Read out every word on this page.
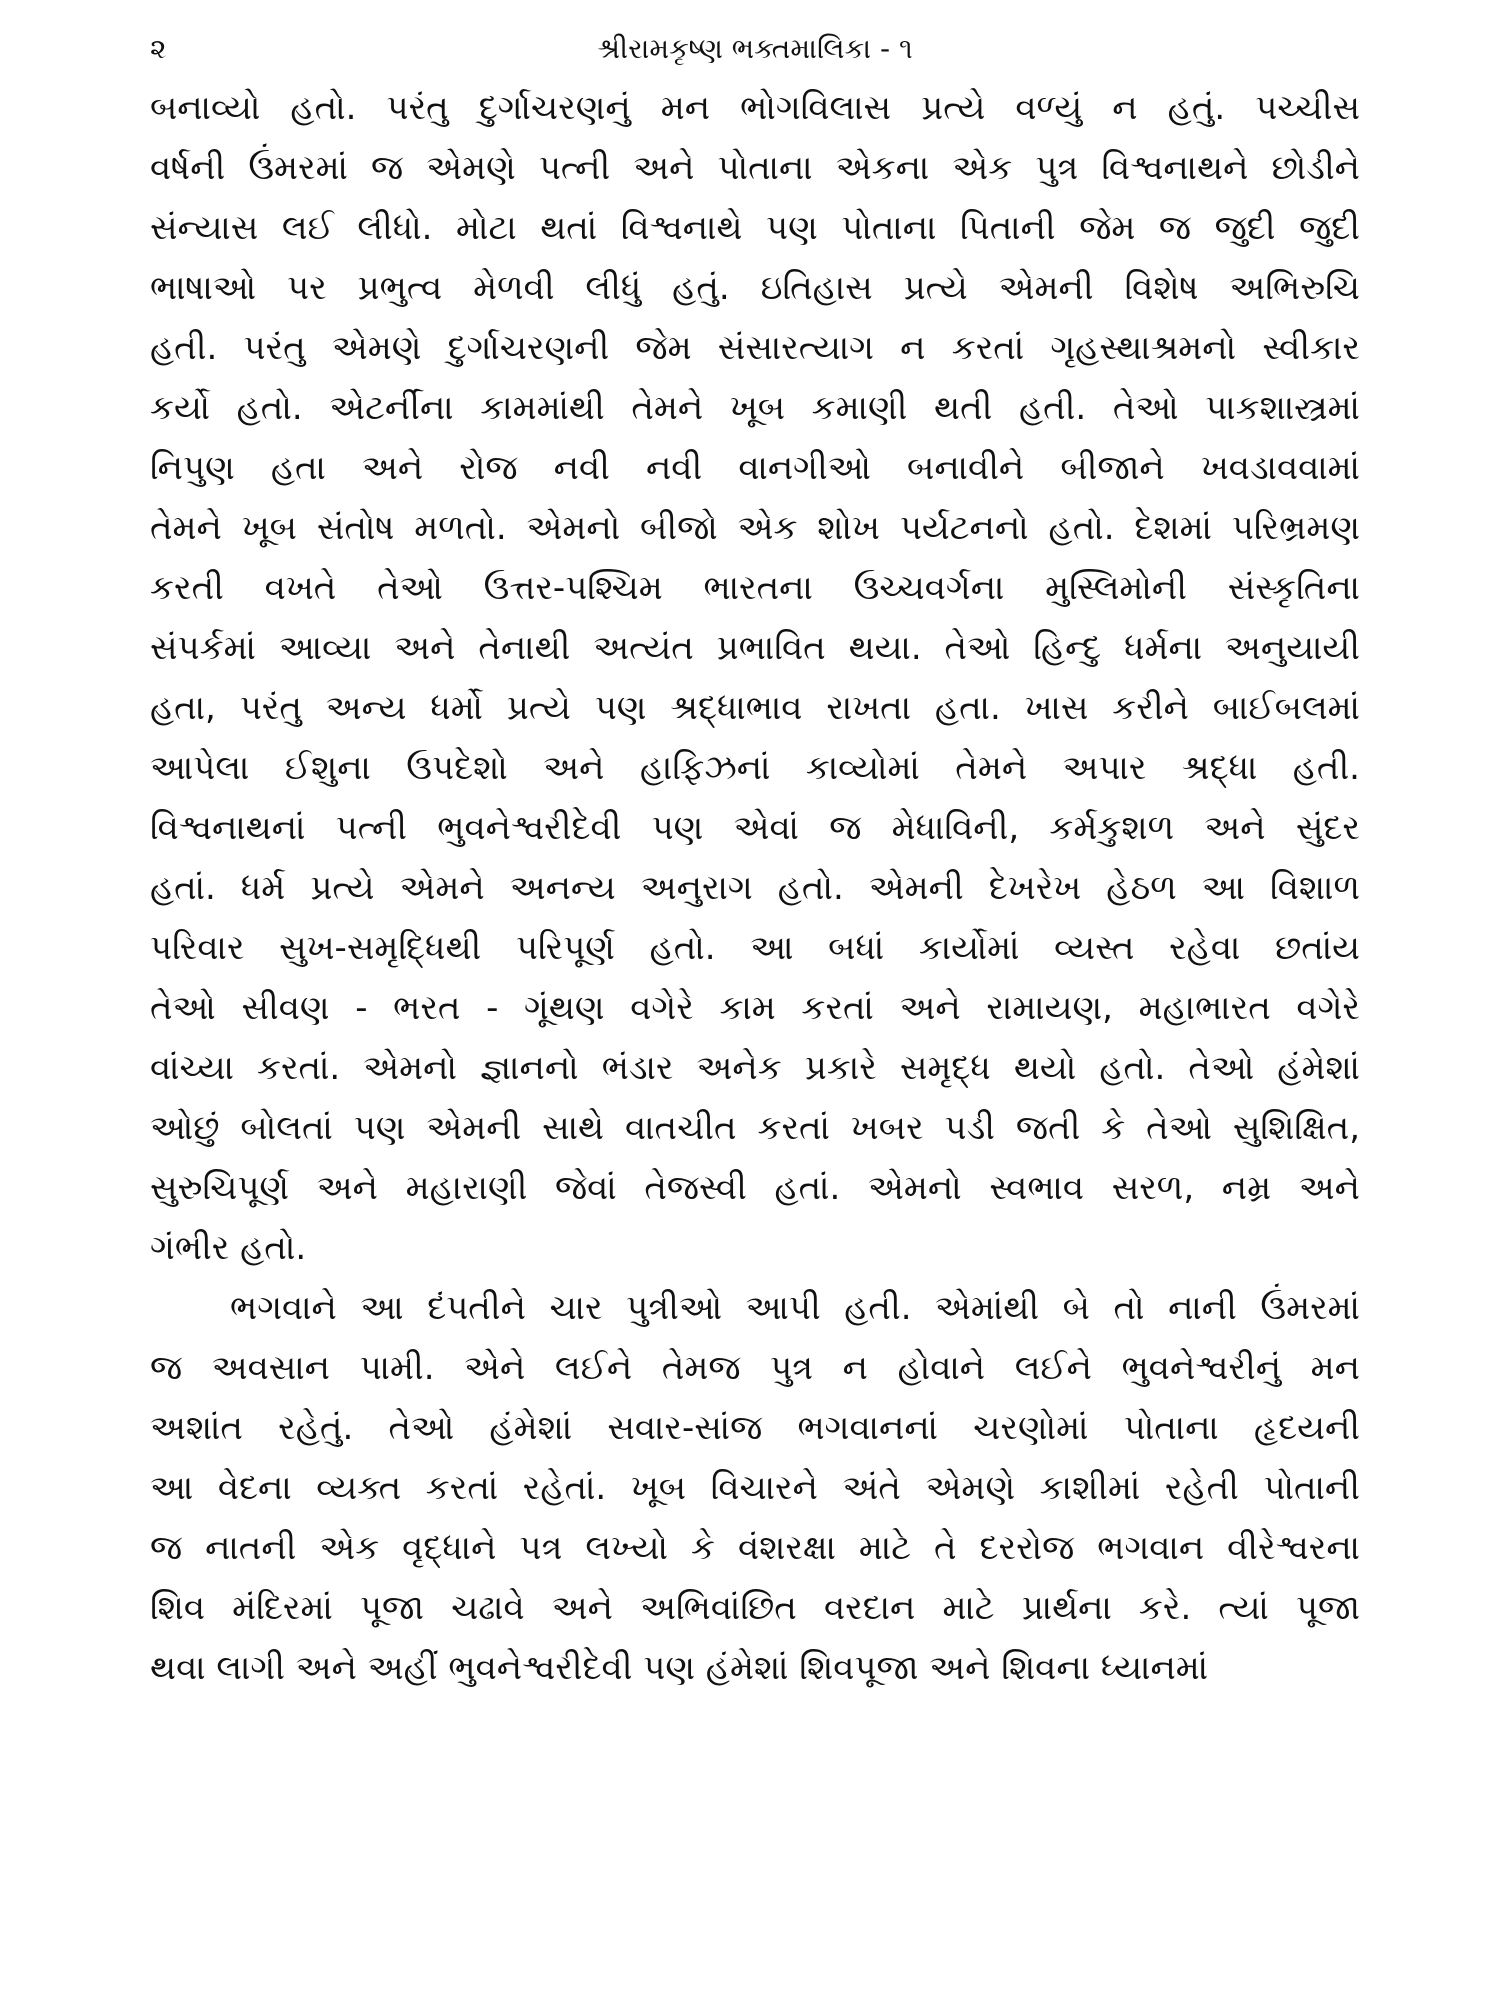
૨	શ્રીરામકૃષ્ણ ભક્તમાલિકા - ૧
બનાવ્યો હતો. પરંતુ દુર્ગાચરણનું મન ભોગવિલાસ પ્રત્યે વળ્યું ન હતું. પચ્ચીસ
વર્ષની ઉંમરમાં જ એમણે પત્ની અને પોતાના એકના એક પુત્ર વિશ્વનાથને છોડીને
સંન્યાસ લઈ લીધો. મોટા થતાં વિશ્વનાથે પણ પોતાના પિતાની જેમ જ જુદી જુદી
ભાષાઓ પર પ્રભુત્વ મેળવી લીધું હતું. ઇતિહાસ પ્રત્યે એમની વિશેષ અભિરુચિ
હતી. પરંતુ એમણે દુર્ગાચરણની જેમ સંસારત્યાગ ન કરતાં ગૃહસ્થાશ્રમનો સ્વીકાર
કર્યો હતો. એટર્નીના કામમાંથી તેમને ખૂબ કમાણી થતી હતી. તેઓ પાકશાસ્ત્રમાં
નિપુણ હતા અને રોજ નવી નવી વાનગીઓ બનાવીને બીજાને ખવડાવવામાં
તેમને ખૂબ સંતોષ મળતો. એમનો બીજો એક શોખ પર્યટનનો હતો. દેશમાં પરિભ્રમણ
કરતી વખતે તેઓ ઉત્તર-પશ્ચિમ ભારતના ઉચ્ચવર્ગના મુસ્લિમોની સંસ્કૃતિના
સંપર્કમાં આવ્યા અને તેનાથી અત્યંત પ્રભાવિત થયા. તેઓ હિન્દુ ધર્મના અનુયાયી
હતા, પરંતુ અન્ય ધર્મો પ્રત્યે પણ શ્રદ્ધાભાવ રાખતા હતા. ખાસ કરીને બાઈબલમાં
આપેલા ઈશુના ઉપદેશો અને હાફિઝનાં કાવ્યોમાં તેમને અપાર શ્રદ્ધા હતી.
વિશ્વનાથનાં પત્ની ભુવનેશ્વરીદેવી પણ એવાં જ મેધાવિની, કર્મકુશળ અને સુંદર
હતાં. ધર્મ પ્રત્યે એમને અનન્ય અનુરાગ હતો. એમની દેખરેખ હેઠળ આ વિશાળ
પરિવાર સુખ-સમૃદ્ધિથી પરિપૂર્ણ હતો. આ બધાં કાર્યોમાં વ્યસ્ત રહેવા છતાંય
તેઓ સીવણ - ભરત - ગૂંથણ વગેરે કામ કરતાં અને રામાયણ, મહાભારત વગેરે
વાંચ્યા કરતાં. એમનો જ્ઞાનનો ભંડાર અનેક પ્રકારે સમૃદ્ધ થયો હતો. તેઓ હંમેશાં
ઓછું બોલતાં પણ એમની સાથે વાતચીત કરતાં ખબર પડી જતી કે તેઓ સુશિક્ષિત,
સુરુચિપૂર્ણ અને મહારાણી જેવાં તેજસ્વી હતાં. એમનો સ્વભાવ સરળ, નમ્ર અને
ગંભીર હતો.
ભગવાને આ દંપતીને ચાર પુત્રીઓ આપી હતી. એમાંથી બે તો નાની ઉંમરમાં
જ અવસાન પામી. એને લઈને તેમજ પુત્ર ન હોવાને લઈને ભુવનેશ્વરીનું મન
અશાંત રહેતું. તેઓ હંમેશાં સવાર-સાંજ ભગવાનનાં ચરણોમાં પોતાના હૃદયની
આ વેદના વ્યક્ત કરતાં રહેતાં. ખૂબ વિચારને અંતે એમણે કાશીમાં રહેતી પોતાની
જ નાતની એક વૃદ્ધાને પત્ર લખ્યો કે વંશરક્ષા માટે તે દરરોજ ભગવાન વીરેશ્વરના
શિવ મંદિરમાં પૂજા ચઢાવે અને અભિવાંછિત વરદાન માટે પ્રાર્થના કરે. ત્યાં પૂજા
થવા લાગી અને અહીં ભુવનેશ્વરીદેવી પણ હંમેશાં શિવપૂજા અને શિવના ધ્યાનમાં
